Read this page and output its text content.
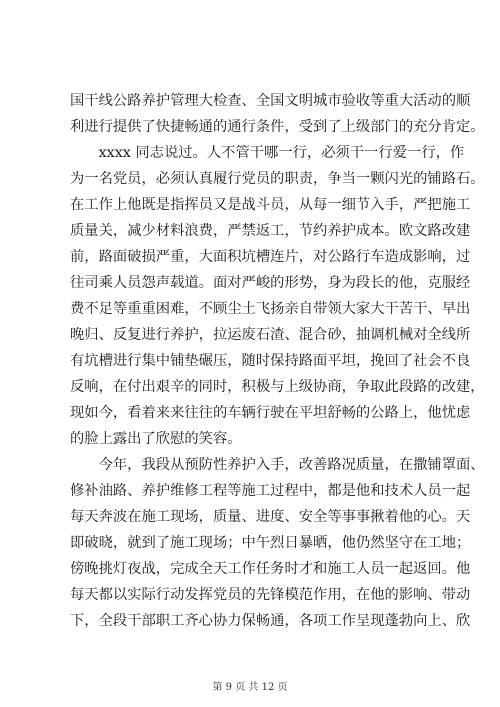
国干线公路养护管理大检查、全国文明城市验收等重大活动的顺
利进行提供了快捷畅通的通行条件，受到了上级部门的充分肯定。
　　xxxx 同志说过。人不管干哪一行，必须干一行爱一行，作
为一名党员，必须认真履行党员的职责，争当一颗闪光的铺路石。
在工作上他既是指挥员又是战斗员，从每一细节入手，严把施工
质量关，减少材料浪费，严禁返工，节约养护成本。欧文路改建
前，路面破损严重，大面积坑槽连片，对公路行车造成影响，过
往司乘人员怨声载道。面对严峻的形势，身为段长的他，克服经
费不足等重重困难，不顾尘土飞扬亲自带领大家大干苦干、早出
晚归、反复进行养护，拉运废石渣、混合砂，抽调机械对全线所
有坑槽进行集中铺垫碾压，随时保持路面平坦，挽回了社会不良
反响，在付出艰辛的同时，积极与上级协商，争取此段路的改建，
现如今，看着来来往往的车辆行驶在平坦舒畅的公路上，他忧虑
的脸上露出了欣慰的笑容。
　　今年，我段从预防性养护入手，改善路况质量，在撒铺罩面、
修补油路、养护维修工程等施工过程中，都是他和技术人员一起
每天奔波在施工现场，质量、进度、安全等事事揪着他的心。天
即破晓，就到了施工现场；中午烈日暴晒，他仍然坚守在工地；
傍晚挑灯夜战，完成全天工作任务时才和施工人员一起返回。他
每天都以实际行动发挥党员的先锋模范作用，在他的影响、带动
下，全段干部职工齐心协力保畅通，各项工作呈现蓬勃向上、欣
第 9 页 共 12 页
